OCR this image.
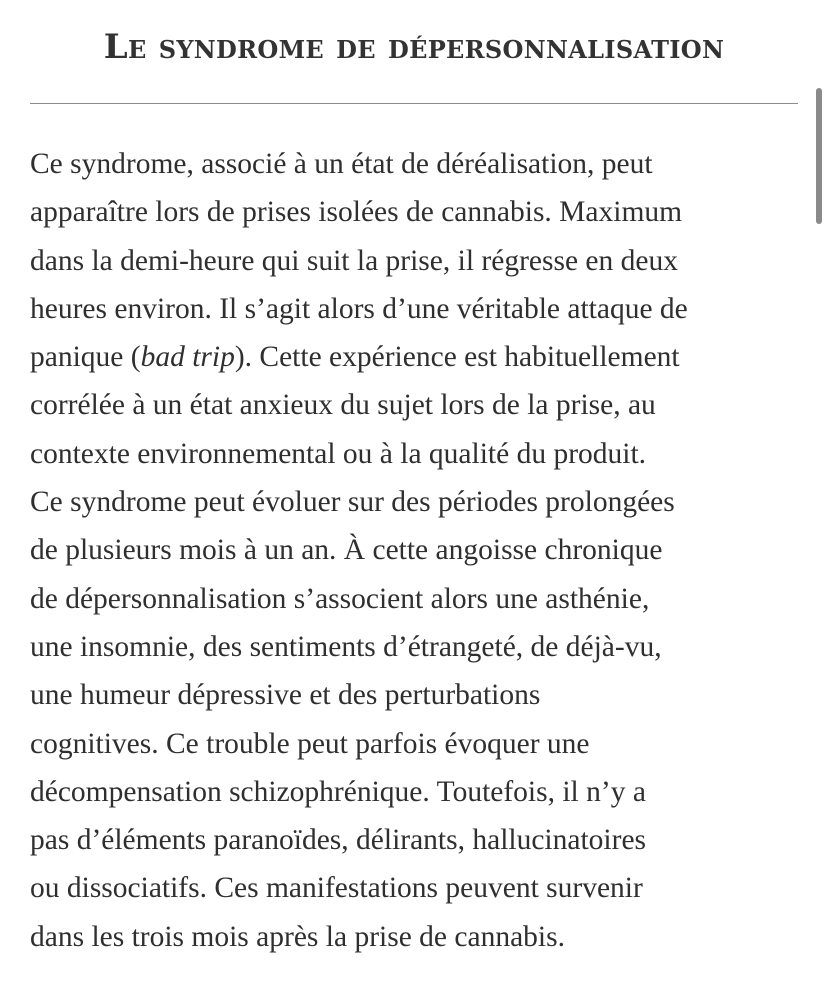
Le syndrome de dépersonnalisation

Ce syndrome, associé à un état de déréalisation, peut
apparaître lors de prises isolées de cannabis. Maximum
dans la demi-heure qui suit la prise, il régresse en deux
heures environ. Il s’agit alors d’une véritable attaque de
panique (bad trip). Cette expérience est habituellement
corrélée à un état anxieux du sujet lors de la prise, au
contexte environnemental ou à la qualité du produit.
Ce syndrome peut évoluer sur des périodes prolongées
de plusieurs mois à un an. À cette angoisse chronique
de dépersonnalisation s’associent alors une asthénie,
une insomnie, des sentiments d’étrangeté, de déjà-vu,
une humeur dépressive et des perturbations
cognitives. Ce trouble peut parfois évoquer une
décompensation schizophrénique. Toutefois, il n’y a
pas d’éléments paranoïdes, délirants, hallucinatoires
ou dissociatifs. Ces manifestations peuvent survenir
dans les trois mois après la prise de cannabis.
